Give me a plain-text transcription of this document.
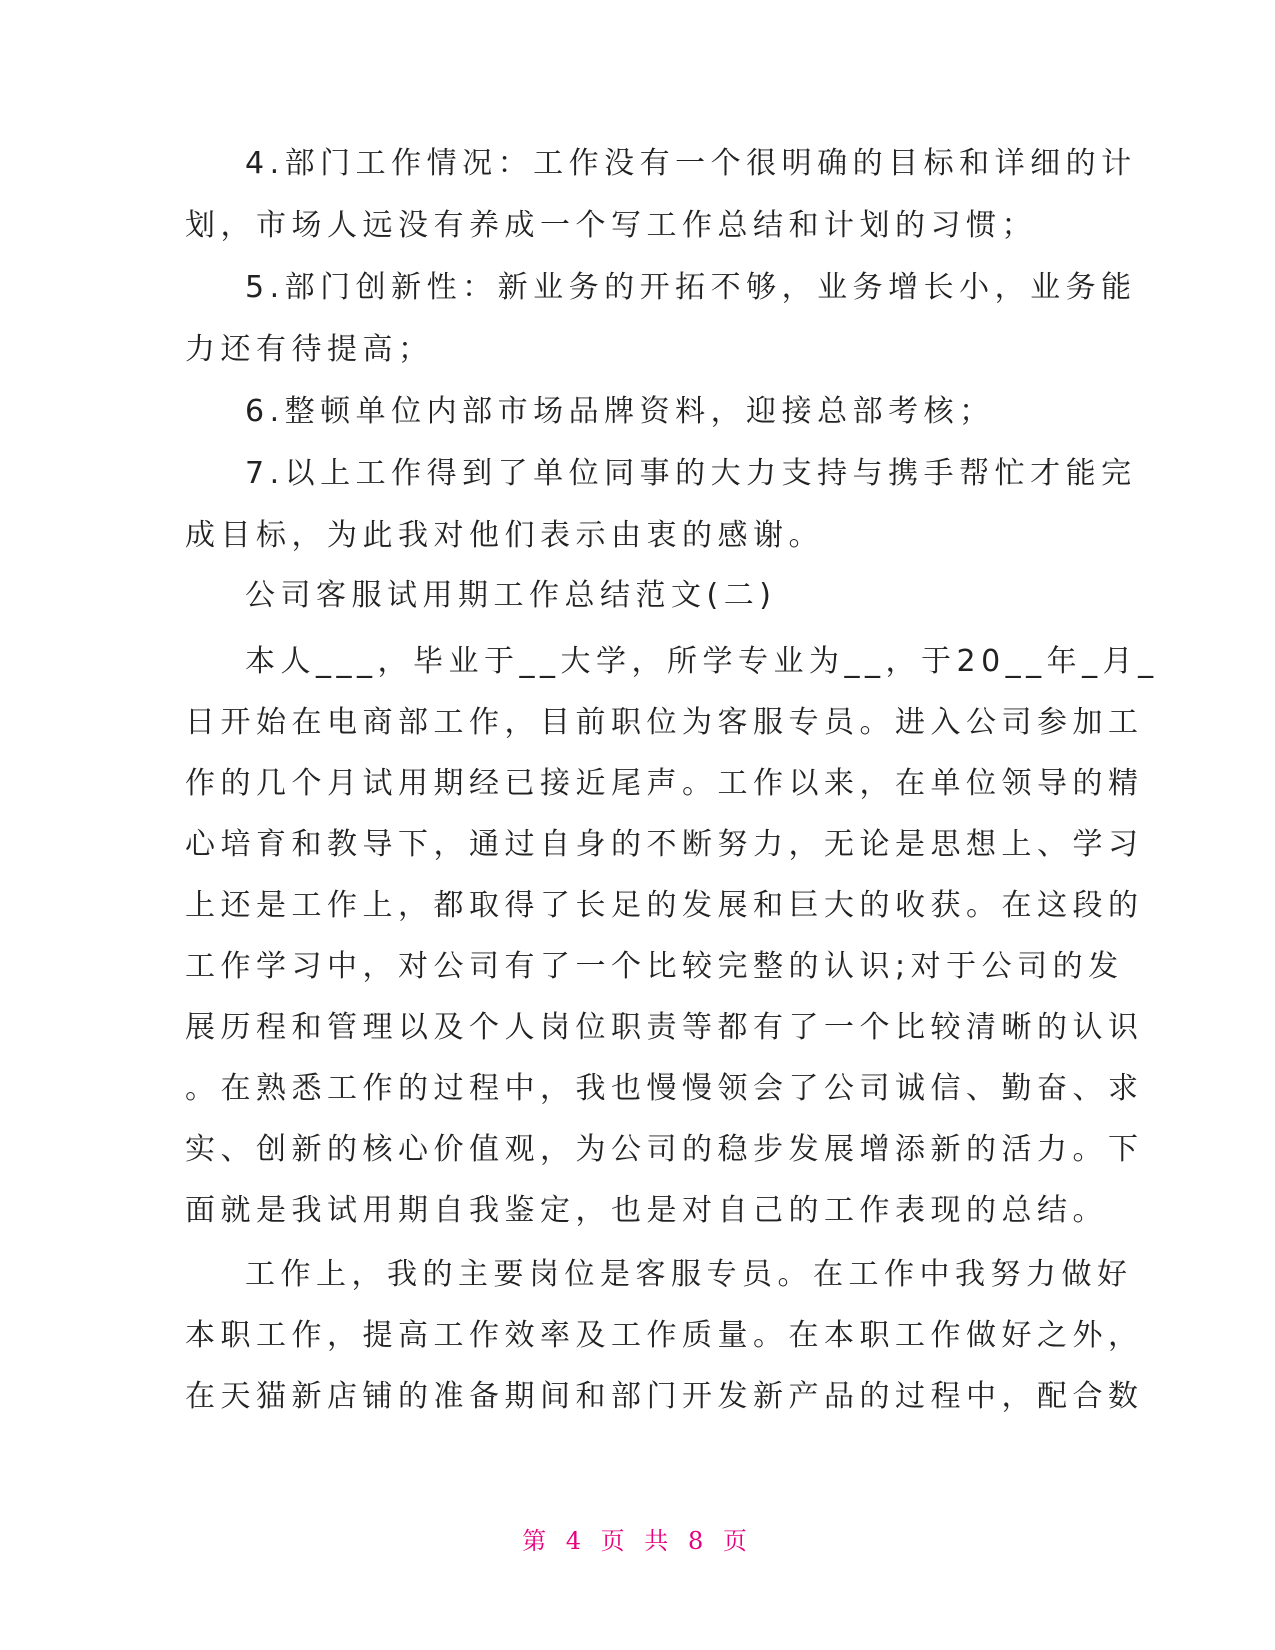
4.部门工作情况：工作没有一个很明确的目标和详细的计
划，市场人远没有养成一个写工作总结和计划的习惯；
5.部门创新性：新业务的开拓不够，业务增长小，业务能
力还有待提高；
6.整顿单位内部市场品牌资料，迎接总部考核；
7.以上工作得到了单位同事的大力支持与携手帮忙才能完
成目标，为此我对他们表示由衷的感谢。
公司客服试用期工作总结范文(二)
本人___，毕业于__大学，所学专业为__，于20__年_月_
日开始在电商部工作，目前职位为客服专员。进入公司参加工
作的几个月试用期经已接近尾声。工作以来，在单位领导的精
心培育和教导下，通过自身的不断努力，无论是思想上、学习
上还是工作上，都取得了长足的发展和巨大的收获。在这段的
工作学习中，对公司有了一个比较完整的认识;对于公司的发
展历程和管理以及个人岗位职责等都有了一个比较清晰的认识
。在熟悉工作的过程中，我也慢慢领会了公司诚信、勤奋、求
实、创新的核心价值观，为公司的稳步发展增添新的活力。下
面就是我试用期自我鉴定，也是对自己的工作表现的总结。
工作上，我的主要岗位是客服专员。在工作中我努力做好
本职工作，提高工作效率及工作质量。在本职工作做好之外，
在天猫新店铺的准备期间和部门开发新产品的过程中，配合数
第 4 页 共 8 页
